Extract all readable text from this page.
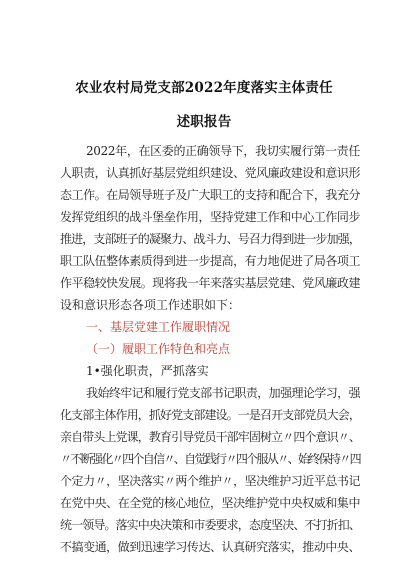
农业农村局党支部2022年度落实主体责任
述职报告
2022年，在区委的正确领导下，我切实履行第一责任
人职责，认真抓好基层党组织建设、党风廉政建设和意识形
态工作。在局领导班子及广大职工的支持和配合下，我充分
发挥党组织的战斗堡垒作用，坚持党建工作和中心工作同步
推进，支部班子的凝聚力、战斗力、号召力得到进一步加强，
职工队伍整体素质得到进一步提高，有力地促进了局各项工
作平稳较快发展。现将我一年来落实基层党建、党风廉政建
设和意识形态各项工作述职如下：
一、基层党建工作履职情况
（一）履职工作特色和亮点
1•强化职责，严抓落实
我始终牢记和履行党支部书记职责，加强理论学习，强
化支部主体作用，抓好党支部建设。一是召开支部党员大会，
亲自带头上党课，教育引导党员干部牢固树立〃四个意识〃、
〃不断强化〃四个自信〃、自觉践行〃四个服从〃、始终保持〃四
个定力〃，坚决落实〃两个维护〃，坚决维护习近平总书记
在党中央、在全党的核心地位，坚决维护党中央权威和集中
统一领导。落实中央决策和市委要求，态度坚决、不打折扣、
不搞变通，做到迅速学习传达、认真研究落实，推动中央、
